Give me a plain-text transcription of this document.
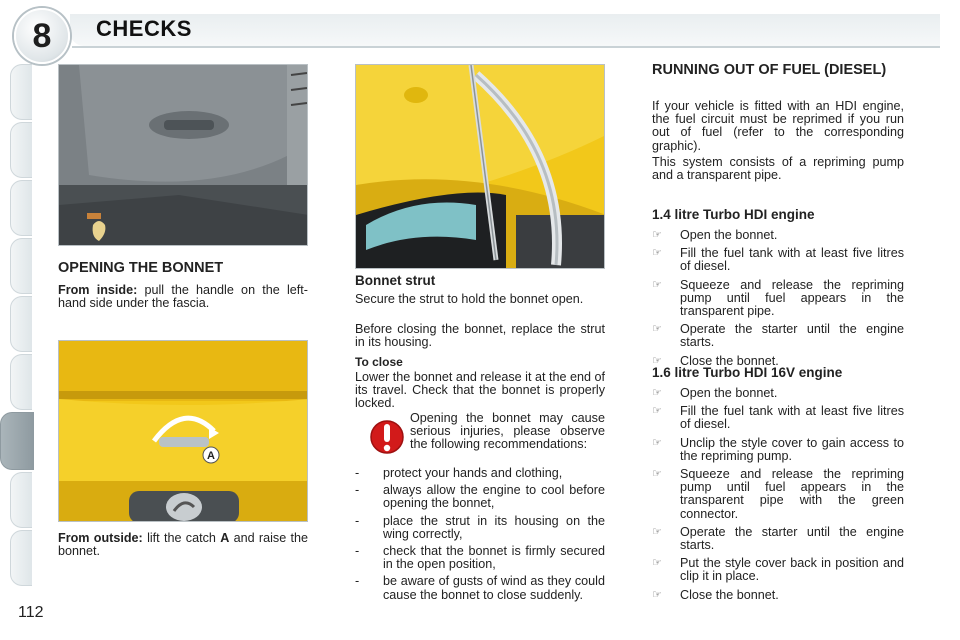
8	CHECKS
112
OPENING THE BONNET
From inside: pull the handle on the left-hand side under the fascia.
A
From outside: lift the catch A and raise the bonnet.
Bonnet strut
Secure the strut to hold the bonnet open.
Before closing the bonnet, replace the strut in its housing.
To close
Lower the bonnet and release it at the end of its travel. Check that the bonnet is properly locked.
Opening the bonnet may cause serious injuries, please observe the following recommendations:
- protect your hands and clothing,
- always allow the engine to cool before opening the bonnet,
- place the strut in its housing on the wing correctly,
- check that the bonnet is firmly secured in the open position,
- be aware of gusts of wind as they could cause the bonnet to close suddenly.
RUNNING OUT OF FUEL (DIESEL)
If your vehicle is fitted with an HDI engine, the fuel circuit must be reprimed if you run out of fuel (refer to the corresponding graphic).
This system consists of a repriming pump and a transparent pipe.
1.4 litre Turbo HDI engine
☞ Open the bonnet.
☞ Fill the fuel tank with at least five litres of diesel.
☞ Squeeze and release the repriming pump until fuel appears in the transparent pipe.
☞ Operate the starter until the engine starts.
☞ Close the bonnet.
1.6 litre Turbo HDI 16V engine
☞ Open the bonnet.
☞ Fill the fuel tank with at least five litres of diesel.
☞ Unclip the style cover to gain access to the repriming pump.
☞ Squeeze and release the repriming pump until fuel appears in the transparent pipe with the green connector.
☞ Operate the starter until the engine starts.
☞ Put the style cover back in position and clip it in place.
☞ Close the bonnet.
